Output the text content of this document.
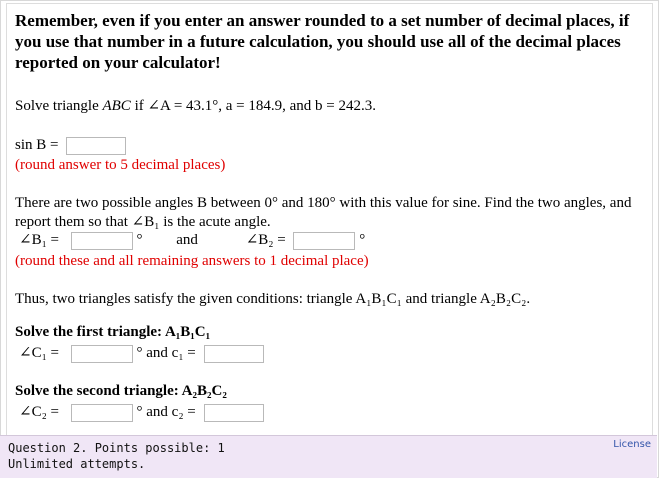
Remember, even if you enter an answer rounded to a set number of decimal places, if you use that number in a future calculation, you should use all of the decimal places reported on your calculator!
Solve triangle ABC if ∠A = 43.1°, a = 184.9, and b = 242.3.
sin B =
(round answer to 5 decimal places)
There are two possible angles B between 0° and 180° with this value for sine. Find the two angles, and report them so that ∠B₁ is the acute angle.
∠B₁ =	° and	∠B₂ =	°
(round these and all remaining answers to 1 decimal place)
Thus, two triangles satisfy the given conditions: triangle A₁B₁C₁ and triangle A₂B₂C₂.
Solve the first triangle: A₁B₁C₁
∠C₁ =	° and c₁ =
Solve the second triangle: A₂B₂C₂
∠C₂ =	° and c₂ =
Question 2. Points possible: 1
Unlimited attempts.
License
